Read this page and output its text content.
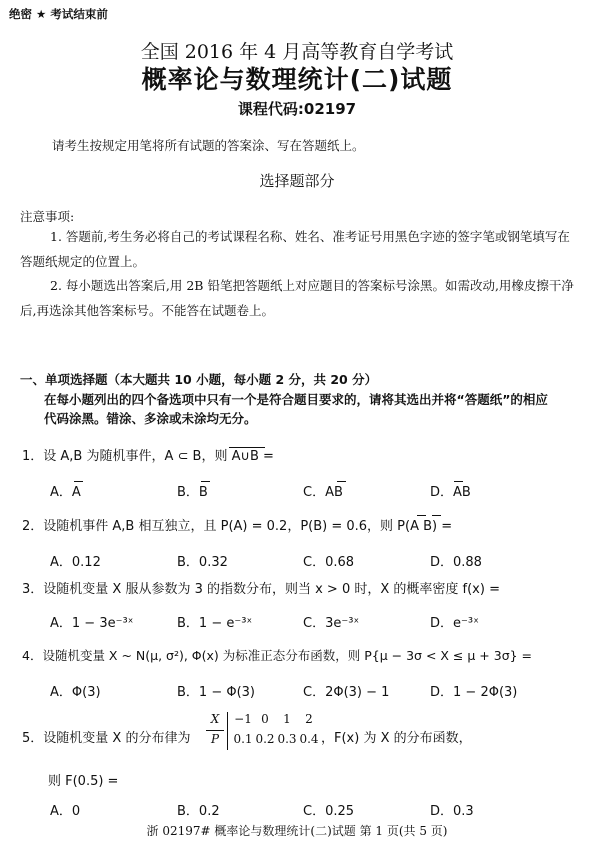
绝密 ★ 考试结束前
全国 2016 年 4 月高等教育自学考试
概率论与数理统计(二)试题
课程代码:02197
请考生按规定用笔将所有试题的答案涂、写在答题纸上。
选择题部分
注意事项:
1. 答题前,考生务必将自己的考试课程名称、姓名、准考证号用黑色字迹的签字笔或钢笔填写在答题纸规定的位置上。
2. 每小题选出答案后,用 2B 铅笔把答题纸上对应题目的答案标号涂黑。如需改动,用橡皮擦干净后,再选涂其他答案标号。不能答在试题卷上。
一、单项选择题（本大题共 10 小题，每小题 2 分，共 20 分）
在每小题列出的四个备选项中只有一个是符合题目要求的，请将其选出并将“答题纸”的相应代码涂黑。错涂、多涂或未涂均无分。
1．设 A,B 为随机事件，A ⊂ B，则 A∪B =
A．A	B．B	C．AB	D．AB
2．设随机事件 A,B 相互独立，且 P(A) = 0.2，P(B) = 0.6，则 P(A B) =
A．0.12	B．0.32	C．0.68	D．0.88
3．设随机变量 X 服从参数为 3 的指数分布，则当 x > 0 时，X 的概率密度 f(x) =
A．1 − 3e⁻³ˣ	B．1 − e⁻³ˣ	C．3e⁻³ˣ	D．e⁻³ˣ
4．设随机变量 X ~ N(μ, σ²), Φ(x) 为标准正态分布函数，则 P{μ − 3σ < X ≤ μ + 3σ} =
A．Φ(3)	B．1 − Φ(3)	C．2Φ(3) − 1	D．1 − 2Φ(3)
5．设随机变量 X 的分布律为
X −1 0 1 2
P 0.1 0.2 0.3 0.4 ，F(x) 为 X 的分布函数，
则 F(0.5) =
A．0	B．0.2	C．0.25	D．0.3
浙 02197# 概率论与数理统计(二)试题 第 1 页(共 5 页)
